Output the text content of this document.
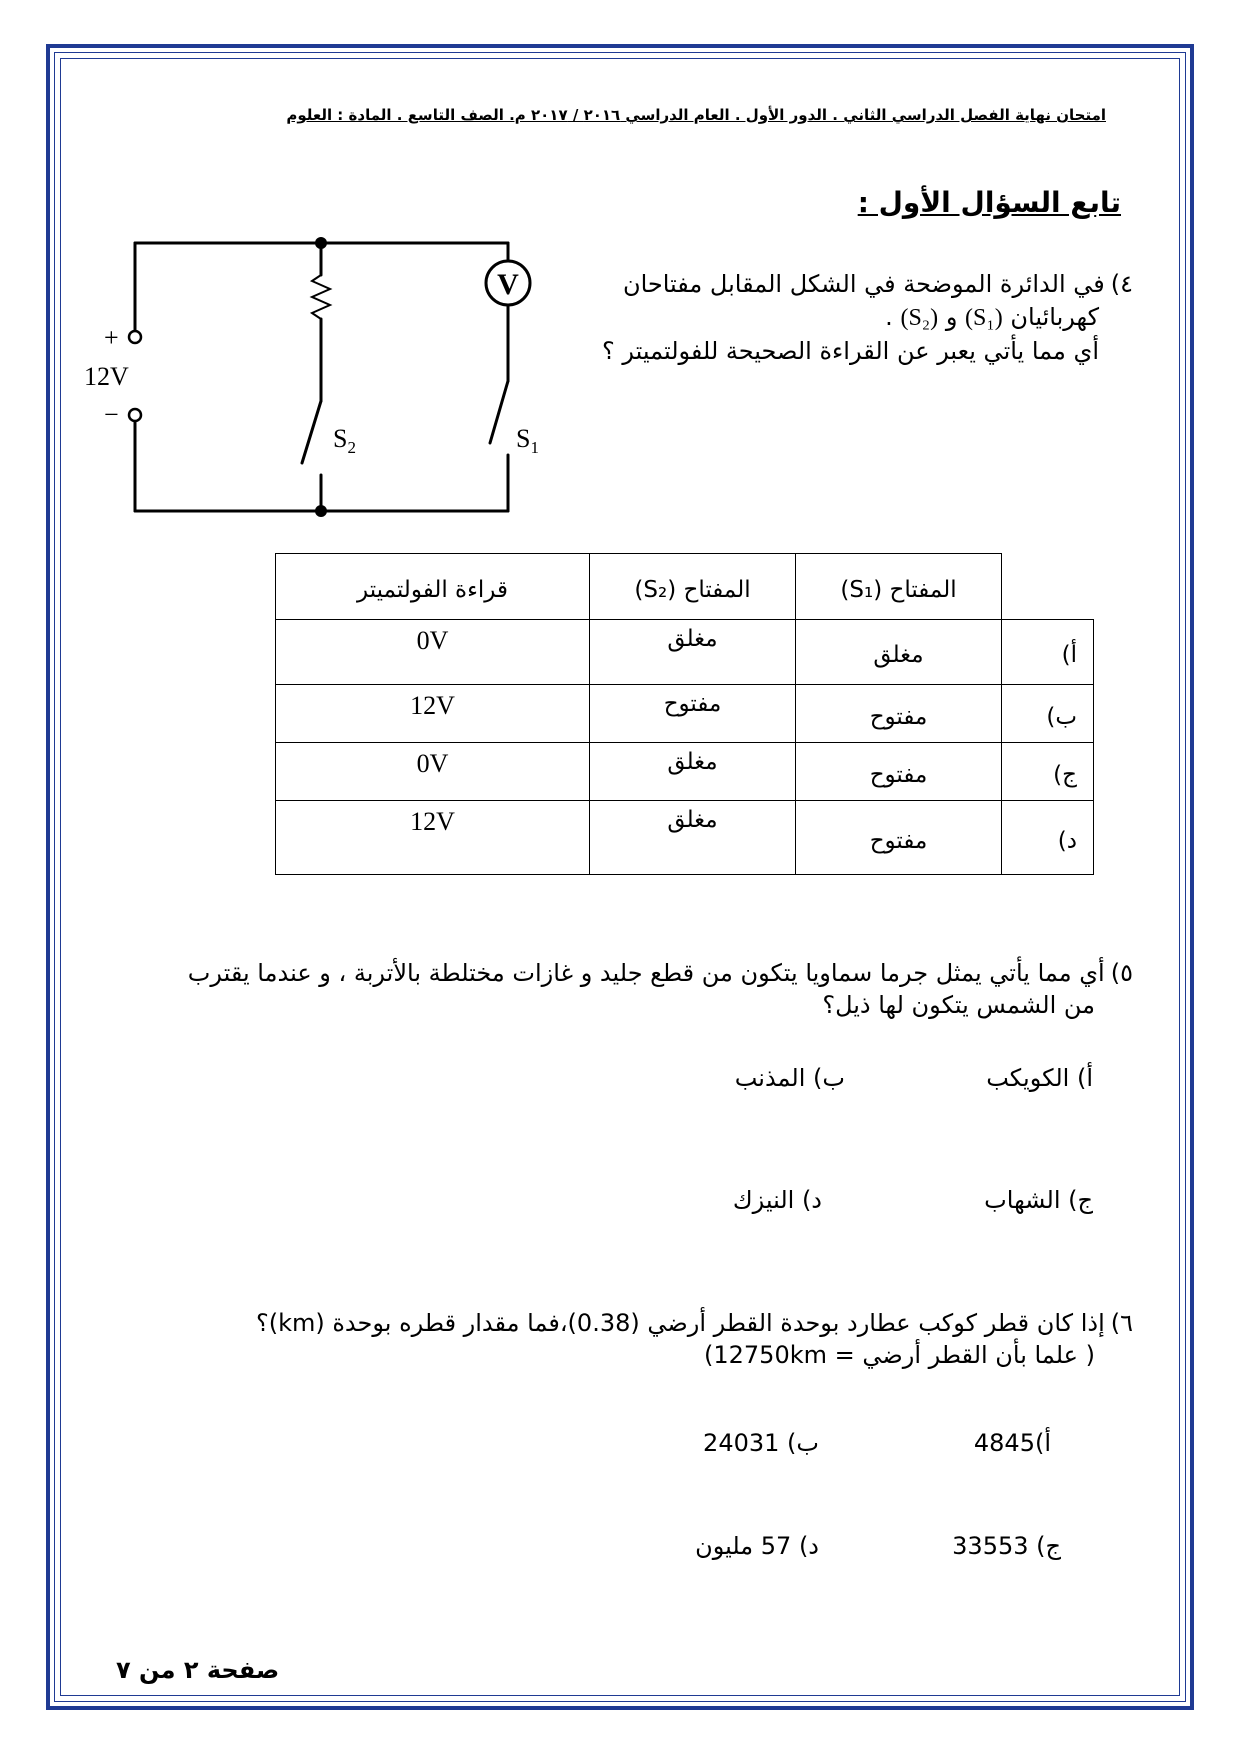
امتحان نهاية الفصل الدراسي الثاني . الدور الأول . العام الدراسي ٢٠١٦ / ٢٠١٧ م. الصف التاسع . المادة : العلوم
تابع السؤال الأول :
V
+
12V
−
$S_2$	$S_1$
٤)في الدائرة الموضحة في الشكل المقابل مفتاحان
كهربائيان (S₁) و (S₂) .
أي مما يأتي يعبر عن القراءة الصحيحة للفولتميتر ؟
	المفتاح (S₁)	المفتاح (S₂)	قراءة الفولتميتر
أ)	مغلق	مغلق	0V
ب)	مفتوح	مفتوح	12V
ج)	مفتوح	مغلق	0V
د)	مفتوح	مغلق	12V
٥)أي مما يأتي يمثل جرما سماويا يتكون من قطع جليد و غازات مختلطة بالأتربة ، و عندما يقترب
من الشمس يتكون لها ذيل؟
أ) الكويكب
ب) المذنب
ج) الشهاب
د) النيزك
٦)إذا كان قطر كوكب عطارد بوحدة القطر أرضي (0.38)،فما مقدار قطره بوحدة (km)؟
( علما بأن القطر أرضي = 12750km)
أ)4845
ب) 24031
ج) 33553
د) 57 مليون
صفحة ٢ من ٧
